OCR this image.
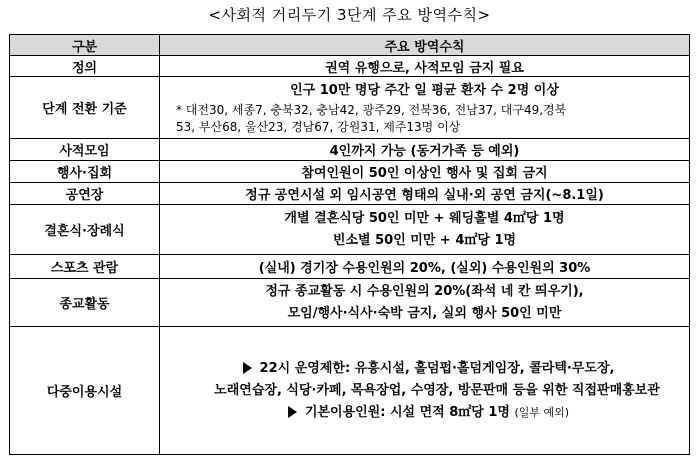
<사회적 거리두기 3단계 주요 방역수칙>
구분	주요 방역수칙
정의	권역 유행으로, 사적모임 금지 필요
단계 전환 기준	인구 10만 명당 주간 일 평균 환자 수 2명 이상
* 대전30, 세종7, 충북32, 충남42, 광주29, 전북36, 전남37, 대구49,경북
53, 부산68, 울산23, 경남67, 강원31, 제주13명 이상

사적모임	4인까지 가능 (동거가족 등 예외)
행사·집회	참여인원이 50인 이상인 행사 및 집회 금지
공연장	정규 공연시설 외 임시공연 형태의 실내·외 공연 금지(~8.1일)
결혼식·장례식	개별 결혼식당 50인 미만 + 웨딩홀별 4㎡당 1명
빈소별 50인 미만 + 4㎡당 1명

스포츠 관람	(실내) 경기장 수용인원의 20%, (실외) 수용인원의 30%
종교활동	정규 종교활동 시 수용인원의 20%(좌석 네 칸 띄우기),
모임/행사·식사·숙박 금지, 실외 행사 50인 미만

다중이용시설	22시 운영제한: 유흥시설, 홀덤펍·홀덤게임장, 콜라텍·무도장,
노래연습장, 식당·카페, 목욕장업, 수영장, 방문판매 등을 위한 직접판매홍보관
기본이용인원: 시설 면적 8㎡당 1명 (일부 예외)
